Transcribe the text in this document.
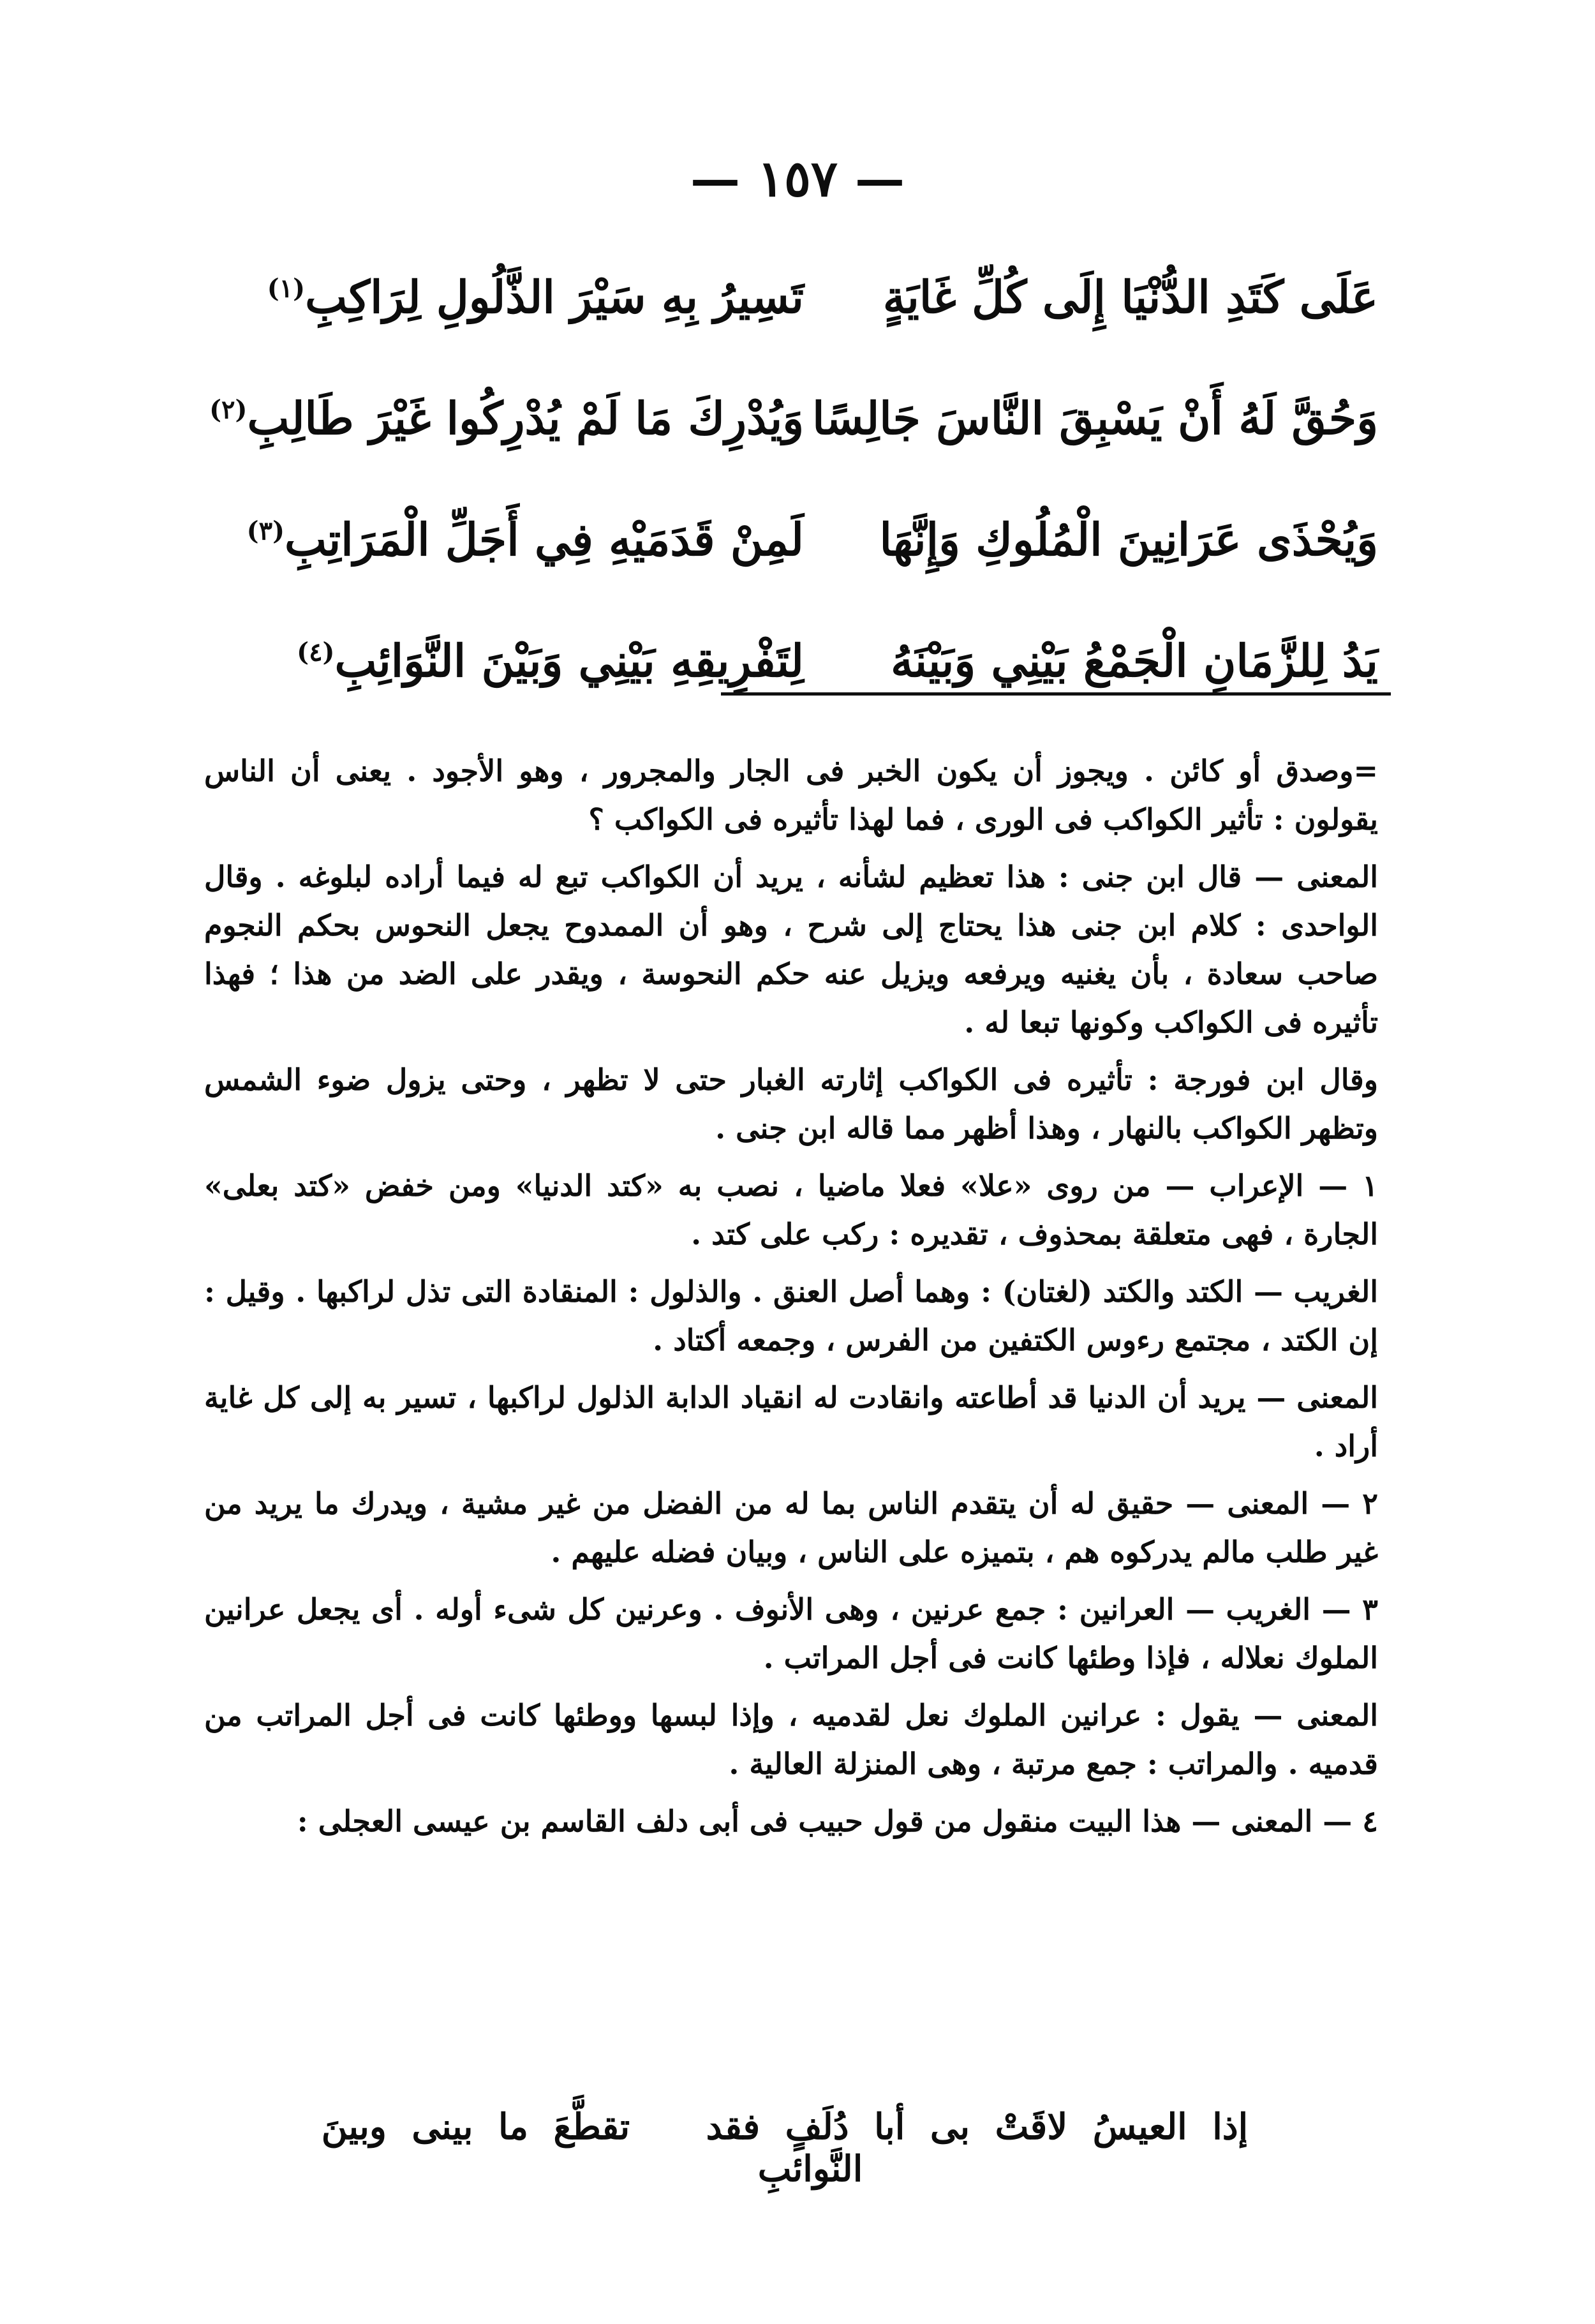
— ١٥٧ —
عَلَى كَتَدِ الدُّنْيَا إِلَى كُلِّ غَايَةٍ
تَسِيرُ بِهِ سَيْرَ الذَّلُولِ لِرَاكِبِ$^{(١)}$
وَحُقَّ لَهُ أَنْ يَسْبِقَ النَّاسَ جَالِسًا
وَيُدْرِكَ مَا لَمْ يُدْرِكُوا غَيْرَ طَالِبِ$^{(٢)}$
وَيُحْذَى عَرَانِينَ الْمُلُوكِ وَإِنَّهَا
لَمِنْ قَدَمَيْهِ فِي أَجَلِّ الْمَرَاتِبِ$^{(٣)}$
يَدُ لِلزَّمَانِ الْجَمْعُ بَيْنِي وَبَيْنَهُ
لِتَفْرِيقِهِ بَيْنِي وَبَيْنَ النَّوَائِبِ$^{(٤)}$

=وصدق أو كائن . ويجوز أن يكون الخبر فى الجار والمجرور ، وهو الأجود . يعنى أن الناس يقولون : تأثير الكواكب فى الورى ، فما لهذا تأثيره فى الكواكب ؟

المعنى — قال ابن جنى : هذا تعظيم لشأنه ، يريد أن الكواكب تبع له فيما أراده لبلوغه . وقال الواحدى : كلام ابن جنى هذا يحتاج إلى شرح ، وهو أن الممدوح يجعل النحوس بحكم النجوم صاحب سعادة ، بأن يغنيه ويرفعه ويزيل عنه حكم النحوسة ، ويقدر على الضد من هذا ؛ فهذا تأثيره فى الكواكب وكونها تبعا له .

وقال ابن فورجة : تأثيره فى الكواكب إثارته الغبار حتى لا تظهر ، وحتى يزول ضوء الشمس وتظهر الكواكب بالنهار ، وهذا أظهر مما قاله ابن جنى .

١ — الإعراب — من روى «علا» فعلا ماضيا ، نصب به «كتد الدنيا» ومن خفض «كتد بعلى» الجارة ، فهى متعلقة بمحذوف ، تقديره : ركب على كتد .

الغريب — الكتد والكتد (لغتان) : وهما أصل العنق . والذلول : المنقادة التى تذل لراكبها . وقيل : إن الكتد ، مجتمع رءوس الكتفين من الفرس ، وجمعه أكتاد .

المعنى — يريد أن الدنيا قد أطاعته وانقادت له انقياد الدابة الذلول لراكبها ، تسير به إلى كل غاية أراد .

٢ — المعنى — حقيق له أن يتقدم الناس بما له من الفضل من غير مشية ، ويدرك ما يريد من غير طلب مالم يدركوه هم ، بتميزه على الناس ، وبيان فضله عليهم .

٣ — الغريب — العرانين : جمع عرنين ، وهى الأنوف . وعرنين كل شىء أوله . أى يجعل عرانين الملوك نعلاله ، فإذا وطئها كانت فى أجل المراتب .

المعنى — يقول : عرانين الملوك نعل لقدميه ، وإذا لبسها ووطئها كانت فى أجل المراتب من قدميه . والمراتب : جمع مرتبة ، وهى المنزلة العالية .

٤ — المعنى — هذا البيت منقول من قول حبيب فى أبى دلف القاسم بن عيسى العجلى :

إذا العيسُ لاقَتْ بى أبا دُلَفٍ فقد تقطَّعَ ما بينى وبينَ النَّوائبِ
